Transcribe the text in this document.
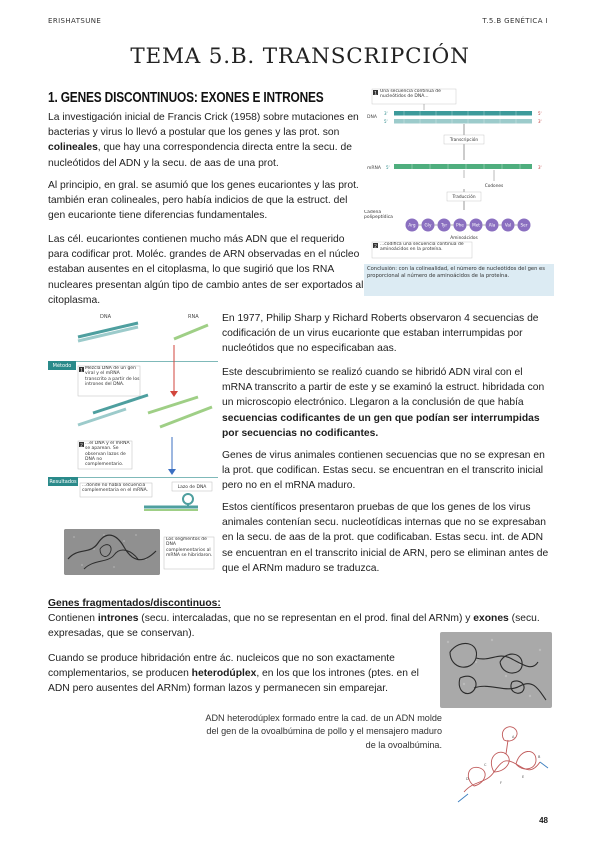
ERISHATSUNE	T.5.B GENÉTICA I
TEMA 5.B. TRANSCRIPCIÓN
1. GENES DISCONTINUOS: EXONES E INTRONES
La investigación inicial de Francis Crick (1958) sobre mutaciones en bacterias y virus lo llevó a postular que los genes y las prot. son colineales, que hay una correspondencia directa entre la secu. de nucleótidos del ADN y la secu. de aas de una prot.
Al principio, en gral. se asumió que los genes eucariontes y las prot. también eran colineales, pero había indicios de que la estruct. del gen eucarionte tiene diferencias fundamentales.
Las cél. eucariontes contienen mucho más ADN que el requerido para codificar prot. Moléc. grandes de ARN observadas en el núcleo estaban ausentes en el citoplasma, lo que sugirió que los RNA nucleares presentan algún tipo de cambio antes de ser exportados al citoplasma.
1 Una secuencia continua de nucleótidos de DNA...
DNA
3'
5'
5'
3'
Transcripción
mRNA 5'	3'
Codones
Traducción
Cadena polipeptídica
Arg Gly Tyr Phe Met Ala Val Ser
Aminoácidos
2 ...codifica una secuencia continua de aminoácidos en la proteína.
Conclusión: con la colinealidad, el número de nucleótidos del gen es proporcional al número de aminoácidos de la proteína.
DNA	RNA
Método
1 Mezcla DNA de un gen viral y el mRNA transcrito a partir de los intrones del DNA.
2 ...el DNA y el mRNA se aparean. Se observan lazos de DNA no complementario.
Resultados
...donde no había secuencia complementaria en el mRNA.
Lazo de DNA
Los segmentos de DNA complementarios al mRNA se hibridaron.
En 1977, Philip Sharp y Richard Roberts observaron 4 secuencias de codificación de un virus eucarionte que estaban interrumpidas por nucleótidos que no especificaban aas.
Este descubrimiento se realizó cuando se hibridó ADN viral con el mRNA transcrito a partir de este y se examinó la estruct. hibridada con un microscopio electrónico. Llegaron a la conclusión de que había secuencias codificantes de un gen que podían ser interrumpidas por secuencias no codificantes.
Genes de virus animales contienen secuencias que no se expresan en la prot. que codifican. Estas secu. se encuentran en el transcrito inicial pero no en el mRNA maduro.
Estos científicos presentaron pruebas de que los genes de los virus animales contenían secu. nucleotídicas internas que no se expresaban en la secu. de aas de la prot. que codificaban. Estas secu. int. de ADN se encuentran en el transcrito inicial de ARN, pero se eliminan antes de que el ARNm maduro se traduzca.
Genes fragmentados/discontinuos:
Contienen intrones (secu. intercaladas, que no se representan en el prod. final del ARNm) y exones (secu. expresadas, que se conservan).
Cuando se produce hibridación entre ác. nucleicos que no son exactamente complementarios, se producen heterodúplex, en los que los intrones (ptes. en el ADN pero ausentes del ARNm) forman lazos y permanecen sin emparejar.
ADN heterodúplex formado entre la cad. de un ADN molde del gen de la ovoalbúmina de pollo y el mensajero maduro de la ovoalbúmina.
A
B
C
D	E
F
48
